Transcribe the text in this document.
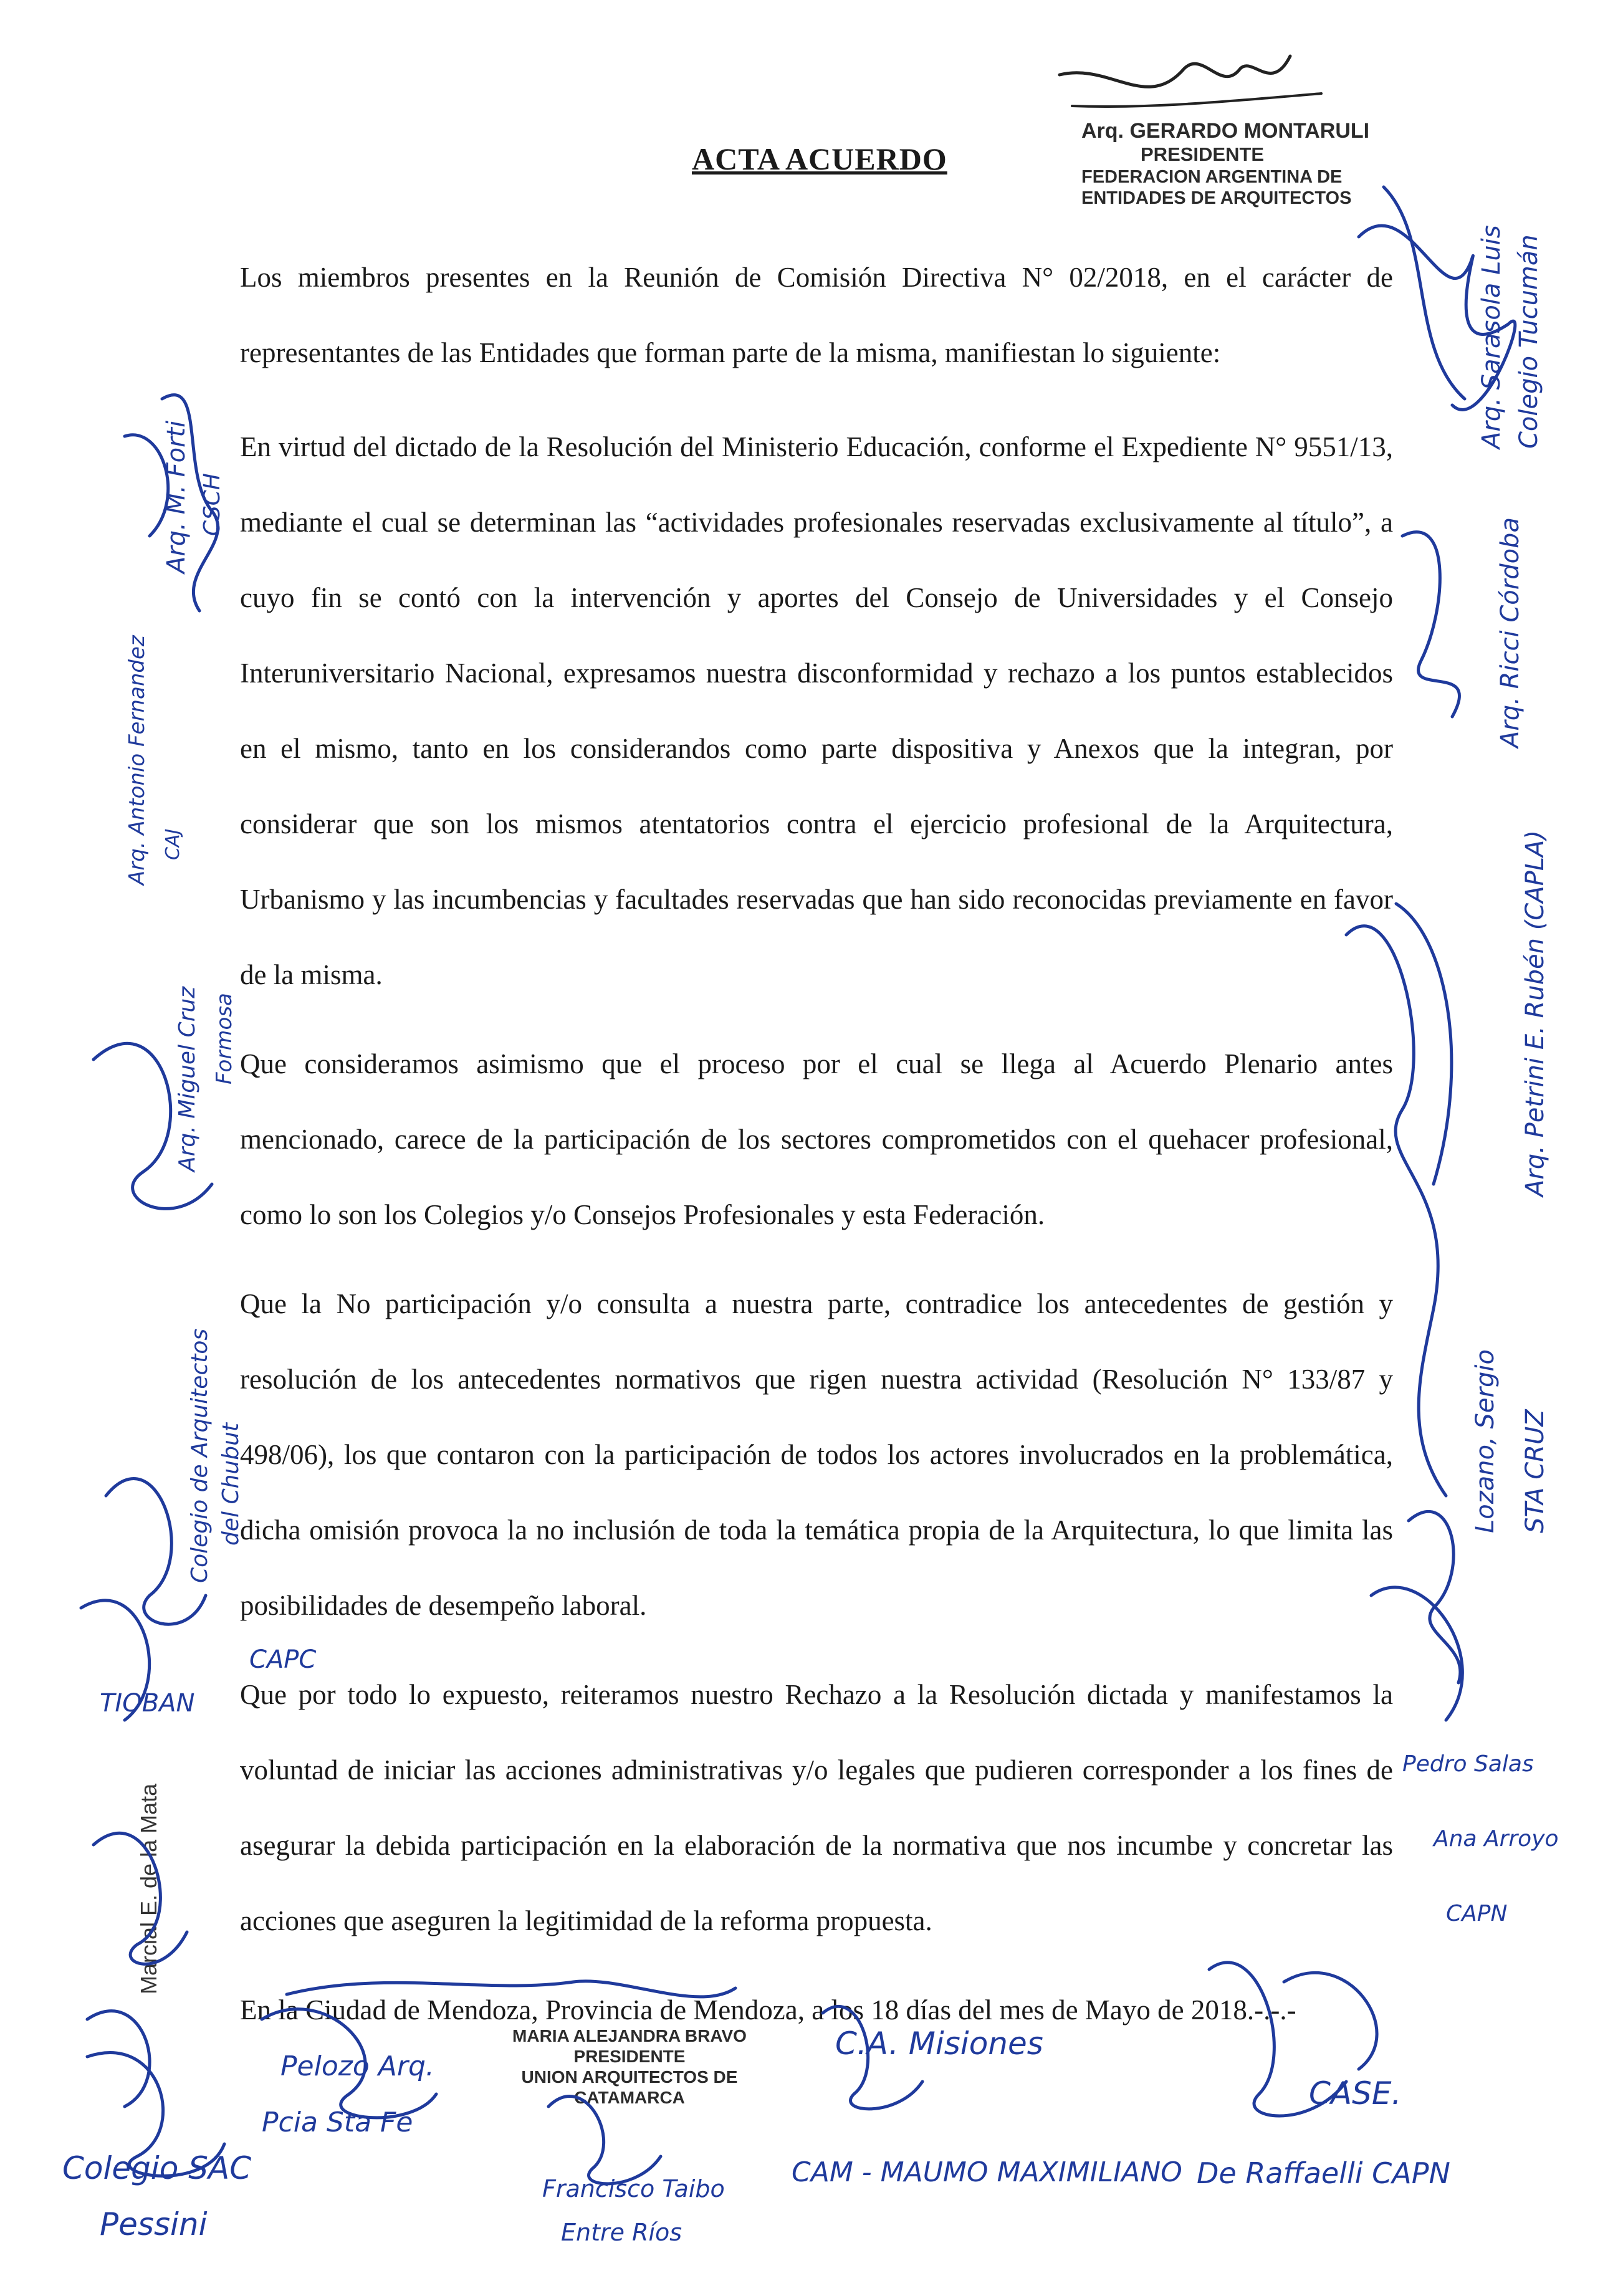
ACTA ACUERDO
Arq. GERARDO MONTARULI
PRESIDENTE
FEDERACION ARGENTINA DE
ENTIDADES DE ARQUITECTOS

Los miembros presentes en la Reunión de Comisión Directiva N° 02/2018, en el carácter de representantes de las Entidades que forman parte de la misma, manifiestan lo siguiente:

En virtud del dictado de la Resolución del Ministerio Educación, conforme el Expediente N° 9551/13, mediante el cual se determinan las “actividades profesionales reservadas exclusivamente al título”, a cuyo fin se contó con la intervención y aportes del Consejo de Universidades y el Consejo Interuniversitario Nacional, expresamos nuestra disconformidad y rechazo a los puntos establecidos en el mismo, tanto en los considerandos como parte dispositiva y Anexos que la integran, por considerar que son los mismos atentatorios contra el ejercicio profesional de la Arquitectura, Urbanismo y las incumbencias y facultades reservadas que han sido reconocidas previamente en favor de la misma.

Que consideramos asimismo que el proceso por el cual se llega al Acuerdo Plenario antes mencionado, carece de la participación de los sectores comprometidos con el quehacer profesional, como lo son los Colegios y/o Consejos Profesionales y esta Federación.

Que la No participación y/o consulta a nuestra parte, contradice los antecedentes de gestión y resolución de los antecedentes normativos que rigen nuestra actividad (Resolución N° 133/87 y 498/06), los que contaron con la participación de todos los actores involucrados en la problemática, dicha omisión provoca la no inclusión de toda la temática propia de la Arquitectura, lo que limita las posibilidades de desempeño laboral.

Que por todo lo expuesto, reiteramos nuestro Rechazo a la Resolución dictada y manifestamos la voluntad de iniciar las acciones administrativas y/o legales que pudieren corresponder a los fines de asegurar la debida participación en la elaboración de la normativa que nos incumbe y concretar las acciones que aseguren la legitimidad de la reforma propuesta.

En la Ciudad de Mendoza, Provincia de Mendoza, a los 18 días del mes de Mayo de 2018.-.-.-

MARIA ALEJANDRA BRAVO
PRESIDENTE
UNION ARQUITECTOS DE CATAMARCA
Marcial E. de la Mata
Arq. Sarasola Luis Colegio Tucumán
Arq. Ricci Córdoba
Arq. Petrini E. Rubén (CAPLA)
Lozano, Sergio STA CRUZ
Pedro Salas
Ana Arroyo
CAPN
Arq. M. Forti CSCH
Arq. Antonio Fernandez CAJ
Arq. Miguel Cruz Formosa
Colegio de Arquitectos del Chubut
TIOBAN
CAPC
Colegio SAC
Pessini
Pelozo Arq.
Pcia Sta Fe
Francisco Taibo
Entre Ríos
C.A. Misiones
CAM - MAUMO MAXIMILIANO
CASE.
De Raffaelli CAPN
